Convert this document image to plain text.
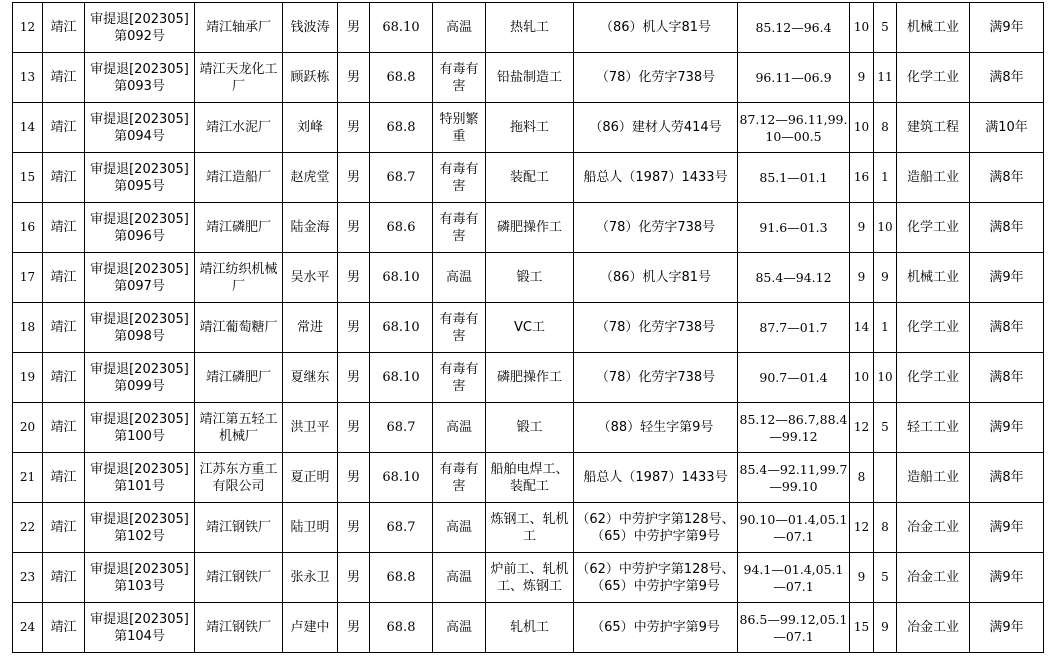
12	靖江	审提退[202305]第092号	靖江轴承厂	钱波涛	男	68.10	高温	热轧工	（86）机人字81号	85.12—96.4	10	5	机械工业	满9年
13	靖江	审提退[202305]第093号	靖江天龙化工厂	顾跃栋	男	68.8	有毒有害	铅盐制造工	（78）化劳字738号	96.11—06.9	9	11	化学工业	满8年
14	靖江	审提退[202305]第094号	靖江水泥厂	刘峰	男	68.8	特别繁重	拖料工	（86）建材人劳414号	87.12—96.11,99.10—00.5	10	8	建筑工程	满10年
15	靖江	审提退[202305]第095号	靖江造船厂	赵虎堂	男	68.7	有毒有害	装配工	船总人（1987）1433号	85.1—01.1	16	1	造船工业	满8年
16	靖江	审提退[202305]第096号	靖江磷肥厂	陆金海	男	68.6	有毒有害	磷肥操作工	（78）化劳字738号	91.6—01.3	9	10	化学工业	满8年
17	靖江	审提退[202305]第097号	靖江纺织机械厂	吴水平	男	68.10	高温	锻工	（86）机人字81号	85.4—94.12	9	9	机械工业	满9年
18	靖江	审提退[202305]第098号	靖江葡萄糖厂	常进	男	68.10	有毒有害	VC工	（78）化劳字738号	87.7—01.7	14	1	化学工业	满8年
19	靖江	审提退[202305]第099号	靖江磷肥厂	夏继东	男	68.10	有毒有害	磷肥操作工	（78）化劳字738号	90.7—01.4	10	10	化学工业	满8年
20	靖江	审提退[202305]第100号	靖江第五轻工机械厂	洪卫平	男	68.7	高温	锻工	（88）轻生字第9号	85.12—86.7,88.4—99.12	12	5	轻工工业	满9年
21	靖江	审提退[202305]第101号	江苏东方重工有限公司	夏正明	男	68.10	有毒有害	船舶电焊工、装配工	船总人（1987）1433号	85.4—92.11,99.7—99.10	8		造船工业	满8年
22	靖江	审提退[202305]第102号	靖江钢铁厂	陆卫明	男	68.7	高温	炼钢工、轧机工	（62）中劳护字第128号、（65）中劳护字第9号	90.10—01.4,05.1—07.1	12	8	冶金工业	满9年
23	靖江	审提退[202305]第103号	靖江钢铁厂	张永卫	男	68.8	高温	炉前工、轧机工、炼钢工	（62）中劳护字第128号、（65）中劳护字第9号	94.1—01.4,05.1—07.1	9	5	冶金工业	满9年
24	靖江	审提退[202305]第104号	靖江钢铁厂	卢建中	男	68.8	高温	轧机工	（65）中劳护字第9号	86.5—99.12,05.1—07.1	15	9	冶金工业	满9年
